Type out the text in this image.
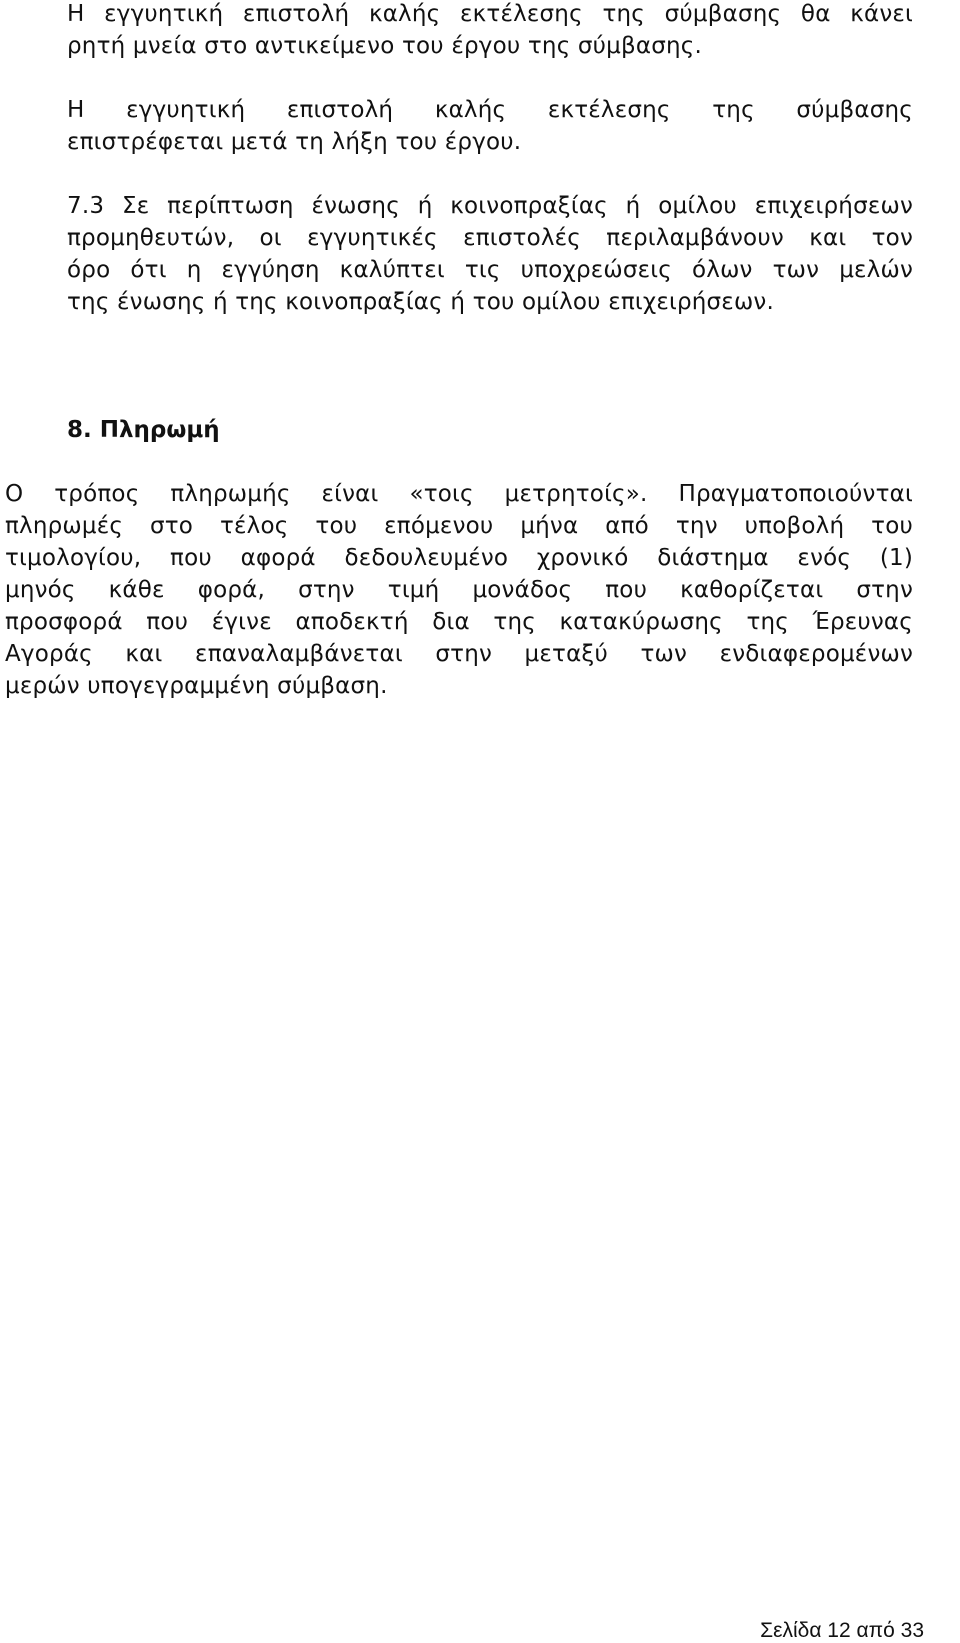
Η εγγυητική επιστολή καλής εκτέλεσης της σύμβασης θα κάνει
ρητή μνεία στο αντικείμενο του έργου της σύμβασης.
Η εγγυητική επιστολή καλής εκτέλεσης της σύμβασης
επιστρέφεται μετά τη λήξη του έργου.
7.3 Σε περίπτωση ένωσης ή κοινοπραξίας ή ομίλου επιχειρήσεων
προμηθευτών, οι εγγυητικές επιστολές περιλαμβάνουν και τον
όρο ότι η εγγύηση καλύπτει τις υποχρεώσεις όλων των μελών
της ένωσης ή της κοινοπραξίας ή του ομίλου επιχειρήσεων.
8. Πληρωμή
Ο τρόπος πληρωμής είναι «τοις μετρητοίς». Πραγματοποιούνται
πληρωμές στο τέλος του επόμενου μήνα από την υποβολή του
τιμολογίου, που αφορά δεδουλευμένο χρονικό διάστημα ενός (1)
μηνός κάθε φορά, στην τιμή μονάδος που καθορίζεται στην
προσφορά που έγινε αποδεκτή δια της κατακύρωσης της Έρευνας
Αγοράς και επαναλαμβάνεται στην μεταξύ των ενδιαφερομένων
μερών υπογεγραμμένη σύμβαση.
Σελίδα 12 από 33
